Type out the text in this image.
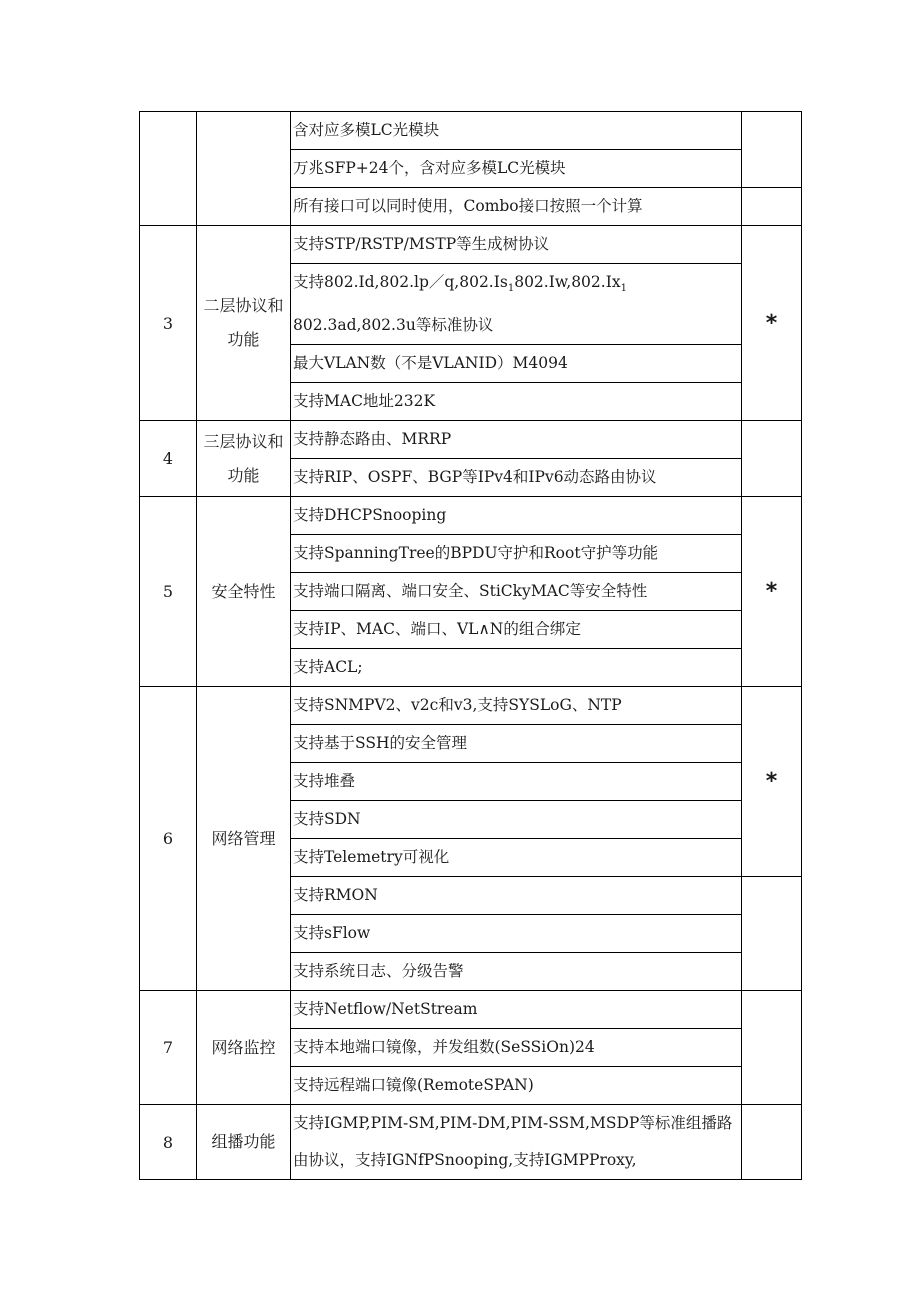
		含对应多模LC光模块	
		万兆SFP+24个，含对应多模LC光模块	
		所有接口可以同时使用，Combo接口按照一个计算	
3	二层协议和功能	支持STP/RSTP/MSTP等生成树协议	*
		支持$802.Id,802.lp/q,802.Is_1802.Iw,802.Ix_1$
802.3ad,802.3u等标准协议	
		最大VLAN数（不是VLANID）M4094	
		支持MAC地址232K	
4	三层协议和功能	支持静态路由、MRRP	
		支持RIP、OSPF、BGP等IPv4和IPv6动态路由协议	
5	安全特性	支持DHCPSnooping	*
		支持SpanningTree的BPDU守护和Root守护等功能	
		支持端口隔离、端口安全、StiCkyMAC等安全特性	
		支持IP、MAC、端口、VL∧N的组合绑定	
		支持ACL;	
6	网络管理	支持SNMPV2、v2c和v3,支持SYSLoG、NTP	*
		支持基于SSH的安全管理	
		支持堆叠	
		支持SDN	
		支持Telemetry可视化	
		支持RMON	
		支持sFlow	
		支持系统日志、分级告警	
7	网络监控	支持Netflow/NetStream	
		支持本地端口镜像，并发组数(SeSSiOn)24	
		支持远程端口镜像(RemoteSPAN)	
8	组播功能	支持IGMP,PIM-SM,PIM-DM,PIM-SSM,MSDP等标准组播路由协议，支持IGNfPSnooping,支持IGMPProxy,	
